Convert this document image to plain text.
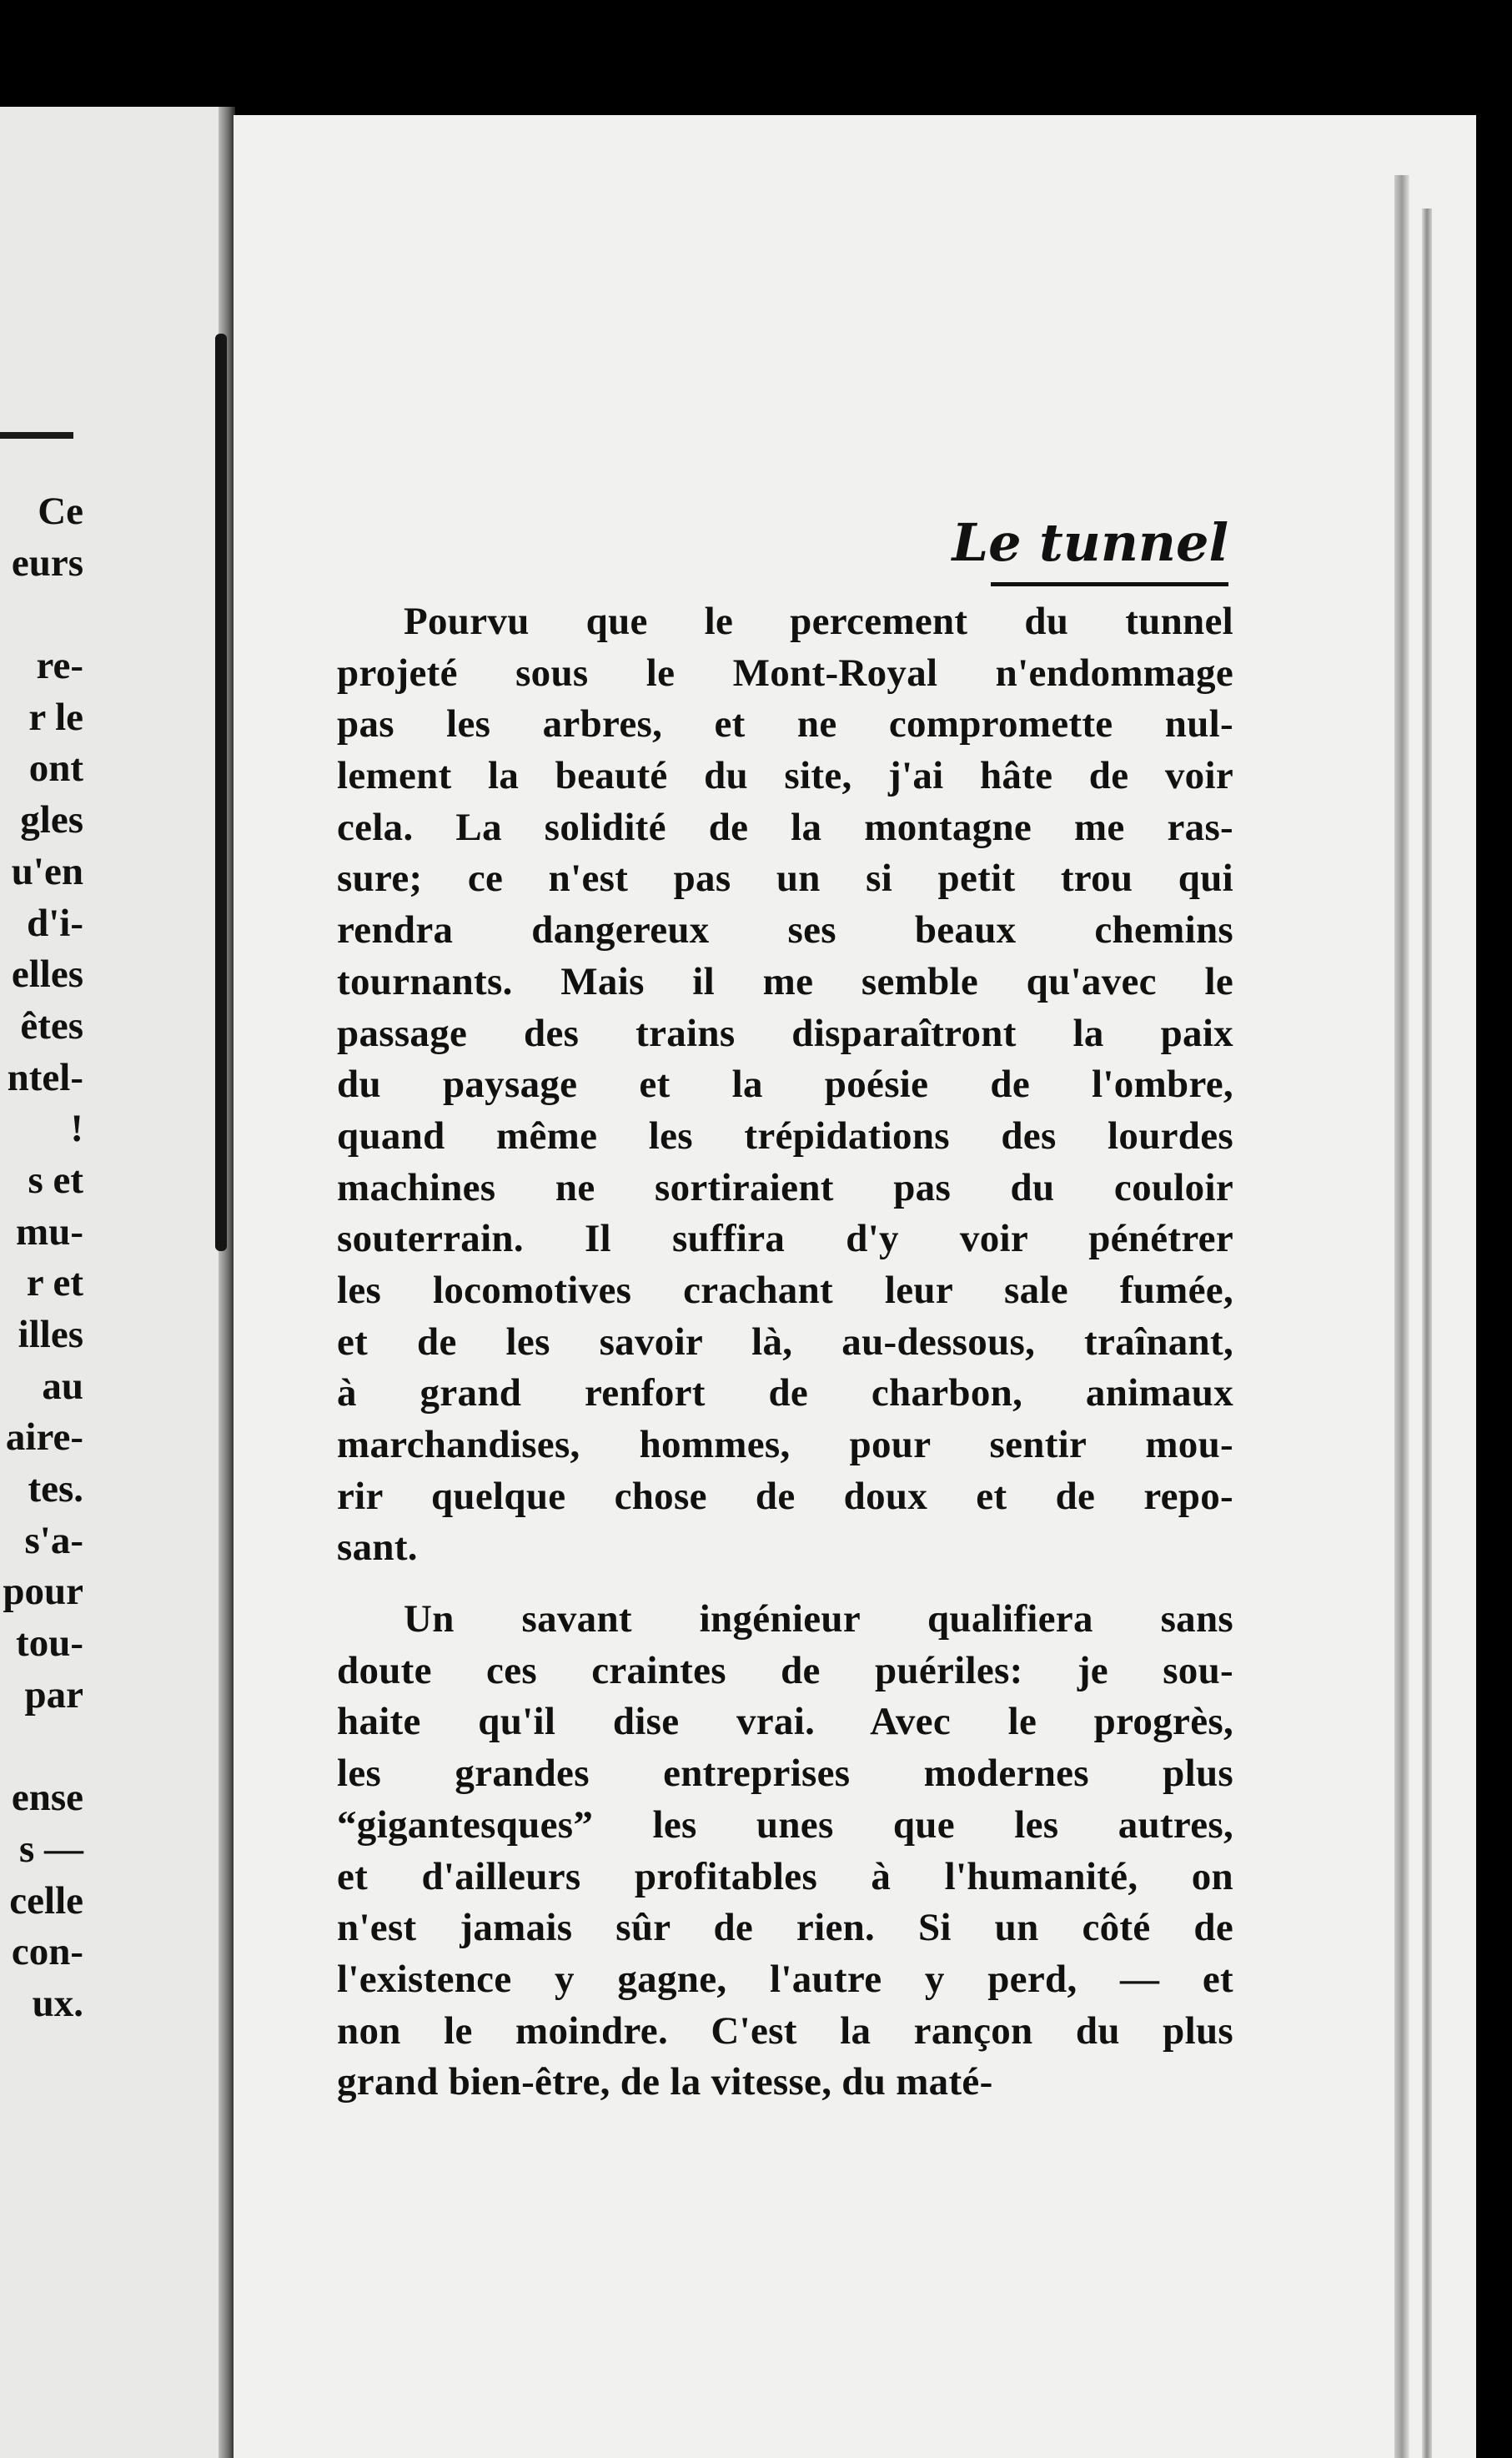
Ce
eurs
re-
r le
ont
gles
u'en
d'i-
elles
êtes
ntel-
!
s et
mu-
r et
illes
au
aire-
tes.
s'a-
pour
tou-
par
ense
s —
celle
con-
ux.
Le tunnel
Pourvu que le percement du tunnel
projeté sous le Mont-Royal n'endommage
pas les arbres, et ne compromette nul-
lement la beauté du site, j'ai hâte de voir
cela. La solidité de la montagne me ras-
sure; ce n'est pas un si petit trou qui
rendra dangereux ses beaux chemins
tournants. Mais il me semble qu'avec le
passage des trains disparaîtront la paix
du paysage et la poésie de l'ombre,
quand même les trépidations des lourdes
machines ne sortiraient pas du couloir
souterrain. Il suffira d'y voir pénétrer
les locomotives crachant leur sale fumée,
et de les savoir là, au-dessous, traînant,
à grand renfort de charbon, animaux
marchandises, hommes, pour sentir mou-
rir quelque chose de doux et de repo-
sant.
Un savant ingénieur qualifiera sans
doute ces craintes de puériles: je sou-
haite qu'il dise vrai. Avec le progrès,
les grandes entreprises modernes plus
“gigantesques” les unes que les autres,
et d'ailleurs profitables à l'humanité, on
n'est jamais sûr de rien. Si un côté de
l'existence y gagne, l'autre y perd, — et
non le moindre. C'est la rançon du plus
grand bien-être, de la vitesse, du maté-
